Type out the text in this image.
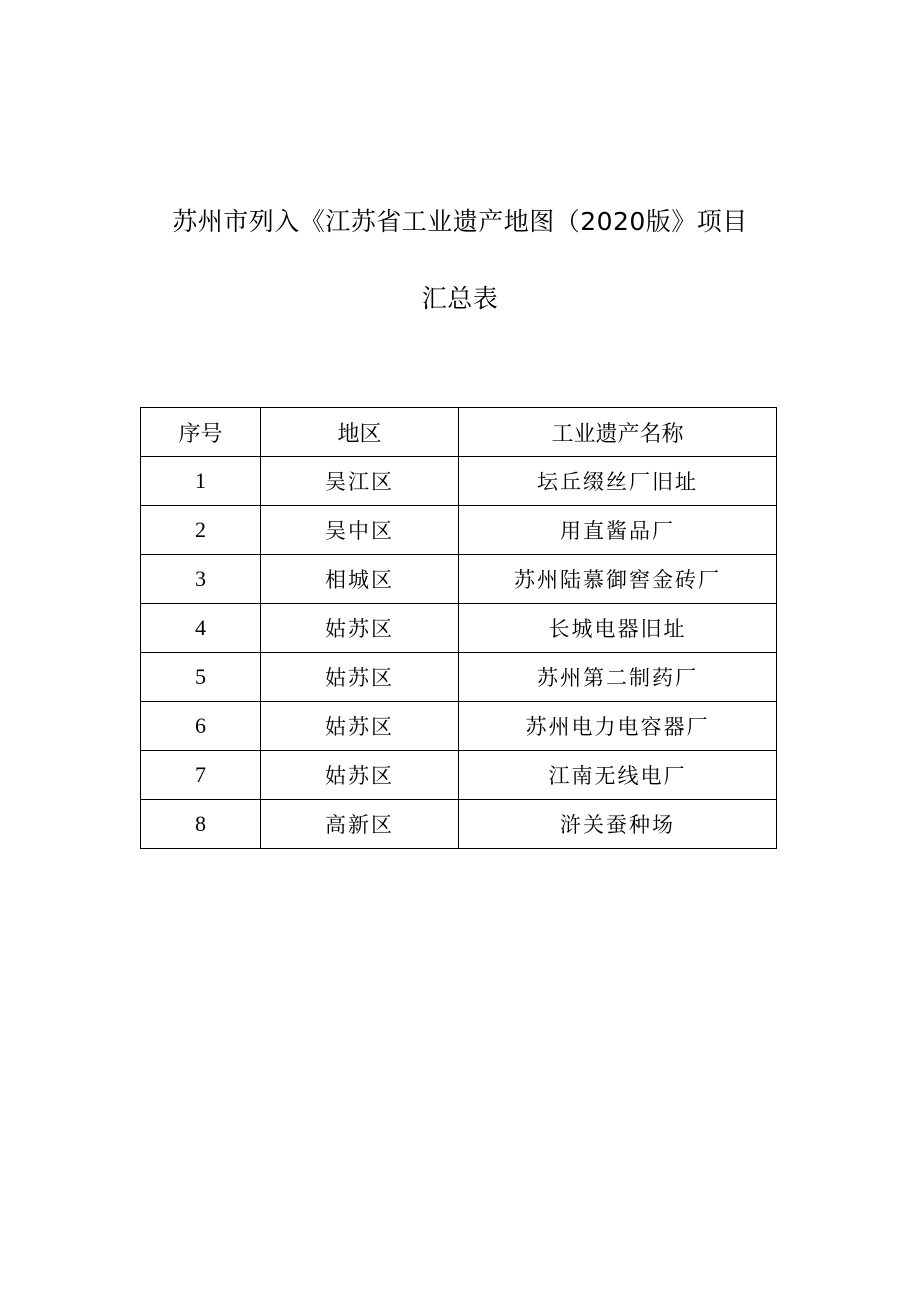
苏州市列入《江苏省工业遗产地图（2020版》项目
汇总表
序号	地区	工业遗产名称
1	吴江区	坛丘缀丝厂旧址
2	吴中区	用直酱品厂
3	相城区	苏州陆慕御窖金砖厂
4	姑苏区	长城电器旧址
5	姑苏区	苏州第二制药厂
6	姑苏区	苏州电力电容器厂
7	姑苏区	江南无线电厂
8	高新区	浒关蚕种场
